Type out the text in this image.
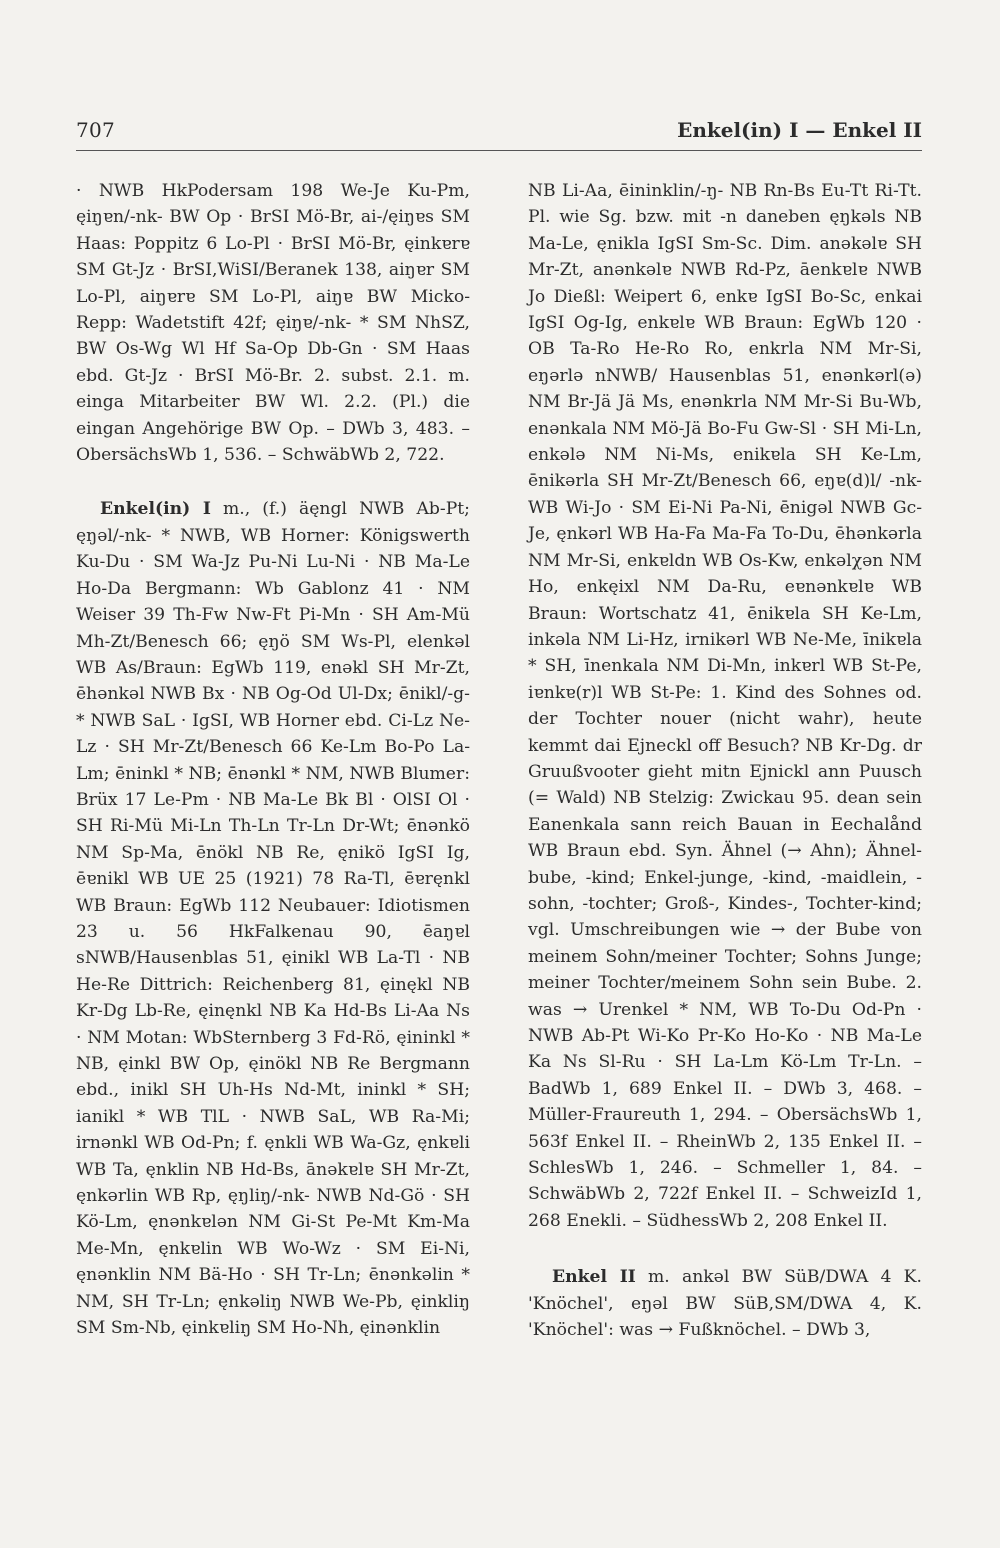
707	Enkel(in) I — Enkel II

· NWB HkPodersam 198 We-Je Ku-Pm, ęiŋɐn/-nk- BW Op · BrSI Mö-Br, ai-/ęiŋɐs SM Haas: Poppitz 6 Lo-Pl · BrSI Mö-Br, ęinkɐrɐ SM Gt-Jz · BrSI,WiSI/Beranek 138, aiŋɐr SM Lo-Pl, aiŋɐrɐ SM Lo-Pl, aiŋɐ BW Micko-Repp: Wadetstift 42f; ęiŋɐ/-nk- * SM NhSZ, BW Os-Wg Wl Hf Sa-Op Db-Gn · SM Haas ebd. Gt-Jz · BrSI Mö-Br. 2. subst. 2.1. m. einga Mitarbeiter BW Wl. 2.2. (Pl.) die eingan Angehörige BW Op. – DWb 3, 483. – ObersächsWb 1, 536. – SchwäbWb 2, 722.

Enkel(in) I m., (f.) äęngl NWB Ab-Pt; ęŋəl/-nk- * NWB, WB Horner: Königswerth Ku-Du · SM Wa-Jz Pu-Ni Lu-Ni · NB Ma-Le Ho-Da Bergmann: Wb Gablonz 41 · NM Weiser 39 Th-Fw Nw-Ft Pi-Mn · SH Am-Mü Mh-Zt/Benesch 66; ęŋö SM Ws-Pl, elenkəl WB As/Braun: EgWb 119, enəkl SH Mr-Zt, ēhənkəl NWB Bx · NB Og-Od Ul-Dx; ēnikl/-g- * NWB SaL · IgSI, WB Horner ebd. Ci-Lz Ne-Lz · SH Mr-Zt/Benesch 66 Ke-Lm Bo-Po La-Lm; ēninkl * NB; ēnənkl * NM, NWB Blumer: Brüx 17 Le-Pm · NB Ma-Le Bk Bl · OlSI Ol · SH Ri-Mü Mi-Ln Th-Ln Tr-Ln Dr-Wt; ēnənkö NM Sp-Ma, ēnökl NB Re, ęnikö IgSI Ig, ēɐnikl WB UE 25 (1921) 78 Ra-Tl, ēɐręnkl WB Braun: EgWb 112 Neubauer: Idiotismen 23 u. 56 HkFalkenau 90, ēaŋɐl sNWB/Hausenblas 51, ęinikl WB La-Tl · NB He-Re Dittrich: Reichenberg 81, ęinękl NB Kr-Dg Lb-Re, ęinęnkl NB Ka Hd-Bs Li-Aa Ns · NM Motan: WbSternberg 3 Fd-Rö, ęininkl * NB, ęinkl BW Op, ęinökl NB Re Bergmann ebd., inikl SH Uh-Hs Nd-Mt, ininkl * SH; ianikl * WB TlL · NWB SaL, WB Ra-Mi; irnənkl WB Od-Pn; f. ęnkli WB Wa-Gz, ęnkɐli WB Ta, ęnklin NB Hd-Bs, ānəkɐlɐ SH Mr-Zt, ęnkərlin WB Rp, ęŋliŋ/-nk- NWB Nd-Gö · SH Kö-Lm, ęnənkɐlən NM Gi-St Pe-Mt Km-Ma Me-Mn, ęnkɐlin WB Wo-Wz · SM Ei-Ni, ęnənklin NM Bä-Ho · SH Tr-Ln; ēnənkəlin * NM, SH Tr-Ln; ęnkəliŋ NWB We-Pb, ęinkliŋ SM Sm-Nb, ęinkɐliŋ SM Ho-Nh, ęinənklin

NB Li-Aa, ēininklin/-ŋ- NB Rn-Bs Eu-Tt Ri-Tt. Pl. wie Sg. bzw. mit -n daneben ęŋkəls NB Ma-Le, ęnikla IgSI Sm-Sc. Dim. anəkəlɐ SH Mr-Zt, anənkəlɐ NWB Rd-Pz, āenkɐlɐ NWB Jo Dießl: Weipert 6, enkɐ IgSI Bo-Sc, enkai IgSI Og-Ig, enkɐlɐ WB Braun: EgWb 120 · OB Ta-Ro He-Ro Ro, enkrla NM Mr-Si, eŋərlə nNWB/ Hausenblas 51, enənkərl(ə) NM Br-Jä Jä Ms, enənkrla NM Mr-Si Bu-Wb, enənkala NM Mö-Jä Bo-Fu Gw-Sl · SH Mi-Ln, enkələ NM Ni-Ms, enikɐla SH Ke-Lm, ēnikərla SH Mr-Zt/Benesch 66, eŋɐ(d)l/ -nk- WB Wi-Jo · SM Ei-Ni Pa-Ni, ēnigəl NWB Gc-Je, ęnkərl WB Ha-Fa Ma-Fa To-Du, ēhənkərla NM Mr-Si, enkɐldn WB Os-Kw, enkəlχən NM Ho, enkęixl NM Da-Ru, eɐnənkɐlɐ WB Braun: Wortschatz 41, ēnikɐla SH Ke-Lm, inkəla NM Li-Hz, irnikərl WB Ne-Me, īnikɐla * SH, īnenkala NM Di-Mn, inkɐrl WB St-Pe, iɐnkɐ(r)l WB St-Pe: 1. Kind des Sohnes od. der Tochter nouer (nicht wahr), heute kemmt dai Ejneckl off Besuch? NB Kr-Dg. dr Gruußvooter gieht mitn Ejnickl ann Puusch (= Wald) NB Stelzig: Zwickau 95. dean sein Eanenkala sann reich Bauan in Eechalånd WB Braun ebd. Syn. Ähnel (→ Ahn); Ähnel-bube, -kind; Enkel-junge, -kind, -maidlein, -sohn, -tochter; Groß-, Kindes-, Tochter-kind; vgl. Umschreibungen wie → der Bube von meinem Sohn/meiner Tochter; Sohns Junge; meiner Tochter/meinem Sohn sein Bube. 2. was → Urenkel * NM, WB To-Du Od-Pn · NWB Ab-Pt Wi-Ko Pr-Ko Ho-Ko · NB Ma-Le Ka Ns Sl-Ru · SH La-Lm Kö-Lm Tr-Ln. – BadWb 1, 689 Enkel II. – DWb 3, 468. – Müller-Fraureuth 1, 294. – ObersächsWb 1, 563f Enkel II. – RheinWb 2, 135 Enkel II. – SchlesWb 1, 246. – Schmeller 1, 84. – SchwäbWb 2, 722f Enkel II. – SchweizId 1, 268 Enekli. – SüdhessWb 2, 208 Enkel II.

Enkel II m. ankəl BW SüB/DWA 4 K. 'Knöchel', eŋəl BW SüB,SM/DWA 4, K. 'Knöchel': was → Fußknöchel. – DWb 3,
